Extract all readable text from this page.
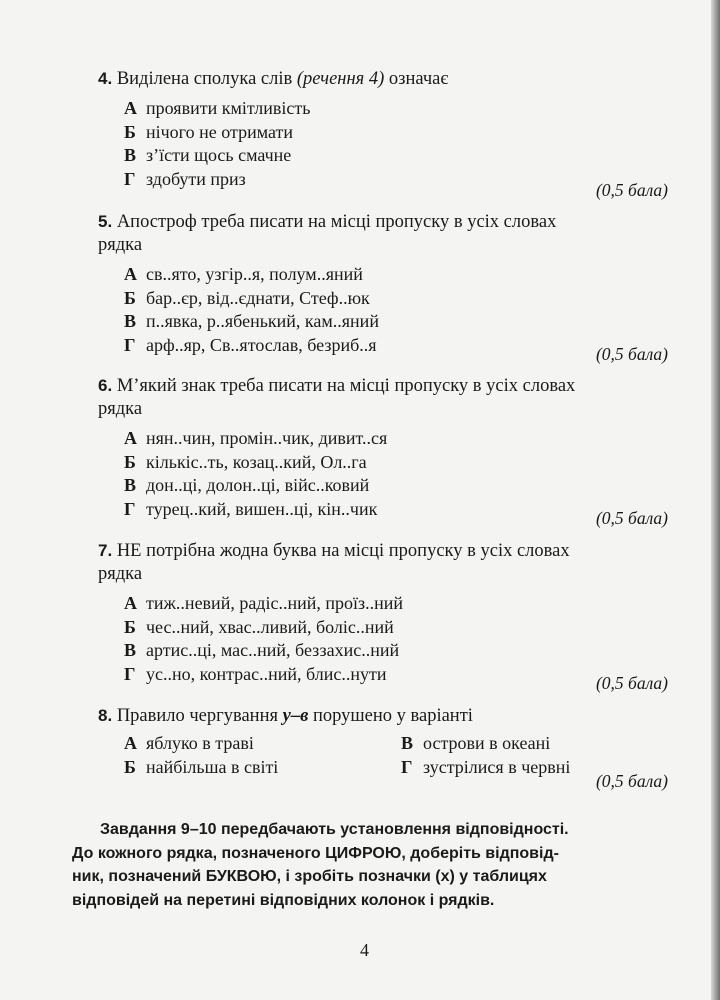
4. Виділена сполука слів (речення 4) означає
А проявити кмітливість
Б нічого не отримати
В з’їсти щось смачне
Г здобути приз
(0,5 бала)
5. Апостроф треба писати на місці пропуску в усіх словах
рядка
А св..ято, узгір..я, полум..яний
Б бар..єр, від..єднати, Стеф..юк
В п..явка, р..ябенький, кам..яний
Г арф..яр, Св..ятослав, безриб..я	(0,5 бала)
6. М’який знак треба писати на місці пропуску в усіх словах
рядка
А нян..чин, промін..чик, дивит..ся
Б кількіс..ть, козац..кий, Ол..га
В дон..ці, долон..ці, війс..ковий
Г турец..кий, вишен..ці, кін..чик	(0,5 бала)
7. НЕ потрібна жодна буква на місці пропуску в усіх словах
рядка
А тиж..невий, радіс..ний, проїз..ний
Б чес..ний, хвас..ливий, боліс..ний
В артис..ці, мас..ний, беззахис..ний
Г ус..но, контрас..ний, блис..нути	(0,5 бала)
8. Правило чергування у–в порушено у варіанті
А яблуко в траві
Б найбільша в світі
В острови в океані
Г зустрілися в червні
(0,5 бала)
Завдання 9–10 передбачають установлення відповідності.
До кожного рядка, позначеного ЦИФРОЮ, доберіть відповід-
ник, позначений БУКВОЮ, і зробіть позначки (х) у таблицях
відповідей на перетині відповідних колонок і рядків.
4
